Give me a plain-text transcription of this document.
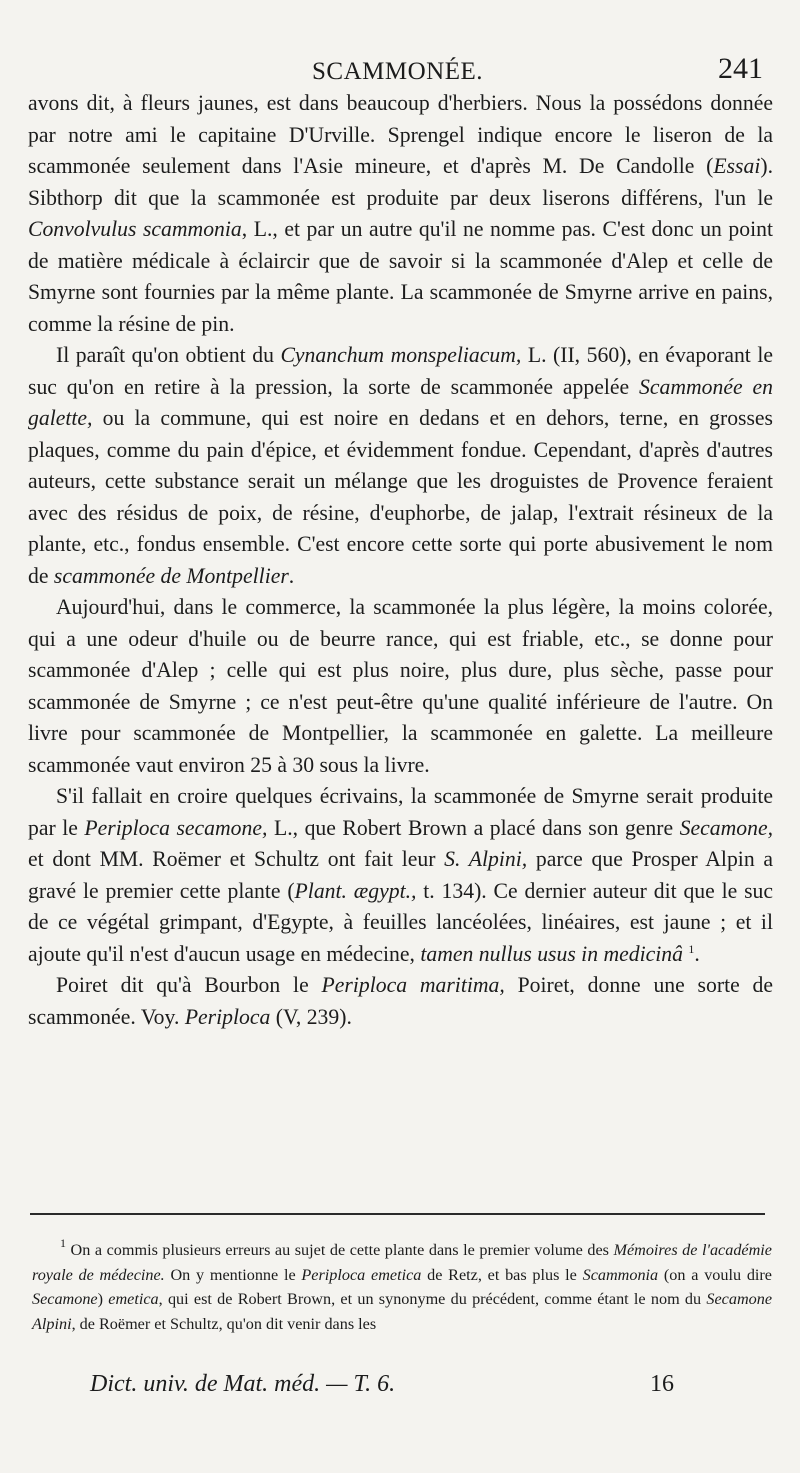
SCAMMONÉE.	241

avons dit, à fleurs jaunes, est dans beaucoup d'herbiers. Nous la possédons donnée par notre ami le capitaine D'Urville. Sprengel indique encore le liseron de la scammonée seulement dans l'Asie mineure, et d'après M. De Candolle (Essai). Sibthorp dit que la scammonée est produite par deux liserons différens, l'un le Convolvulus scammonia, L., et par un autre qu'il ne nomme pas. C'est donc un point de matière médicale à éclaircir que de savoir si la scammonée d'Alep et celle de Smyrne sont fournies par la même plante. La scammonée de Smyrne arrive en pains, comme la résine de pin.

Il paraît qu'on obtient du Cynanchum monspeliacum, L. (II, 560), en évaporant le suc qu'on en retire à la pression, la sorte de scammonée appelée Scammonée en galette, ou la commune, qui est noire en dedans et en dehors, terne, en grosses plaques, comme du pain d'épice, et évidemment fondue. Cependant, d'après d'autres auteurs, cette substance serait un mélange que les droguistes de Provence feraient avec des résidus de poix, de résine, d'euphorbe, de jalap, l'extrait résineux de la plante, etc., fondus ensemble. C'est encore cette sorte qui porte abusivement le nom de scammonée de Montpellier.

Aujourd'hui, dans le commerce, la scammonée la plus légère, la moins colorée, qui a une odeur d'huile ou de beurre rance, qui est friable, etc., se donne pour scammonée d'Alep ; celle qui est plus noire, plus dure, plus sèche, passe pour scammonée de Smyrne ; ce n'est peut-être qu'une qualité inférieure de l'autre. On livre pour scammonée de Montpellier, la scammonée en galette. La meilleure scammonée vaut environ 25 à 30 sous la livre.

S'il fallait en croire quelques écrivains, la scammonée de Smyrne serait produite par le Periploca secamone, L., que Robert Brown a placé dans son genre Secamone, et dont MM. Roëmer et Schultz ont fait leur S. Alpini, parce que Prosper Alpin a gravé le premier cette plante (Plant. ægypt., t. 134). Ce dernier auteur dit que le suc de ce végétal grimpant, d'Egypte, à feuilles lancéolées, linéaires, est jaune ; et il ajoute qu'il n'est d'aucun usage en médecine, tamen nullus usus in medicinâ $^1$.

Poiret dit qu'à Bourbon le Periploca maritima, Poiret, donne une sorte de scammonée. Voy. Periploca (V, 239).

$^1$ On a commis plusieurs erreurs au sujet de cette plante dans le premier volume des Mémoires de l'académie royale de médecine. On y mentionne le Periploca emetica de Retz, et bas plus le Scammonia (on a voulu dire Secamone) emetica, qui est de Robert Brown, et un synonyme du précédent, comme étant le nom du Secamone Alpini, de Roëmer et Schultz, qu'on dit venir dans les

Dict. univ. de Mat. méd. — T. 6.	16
